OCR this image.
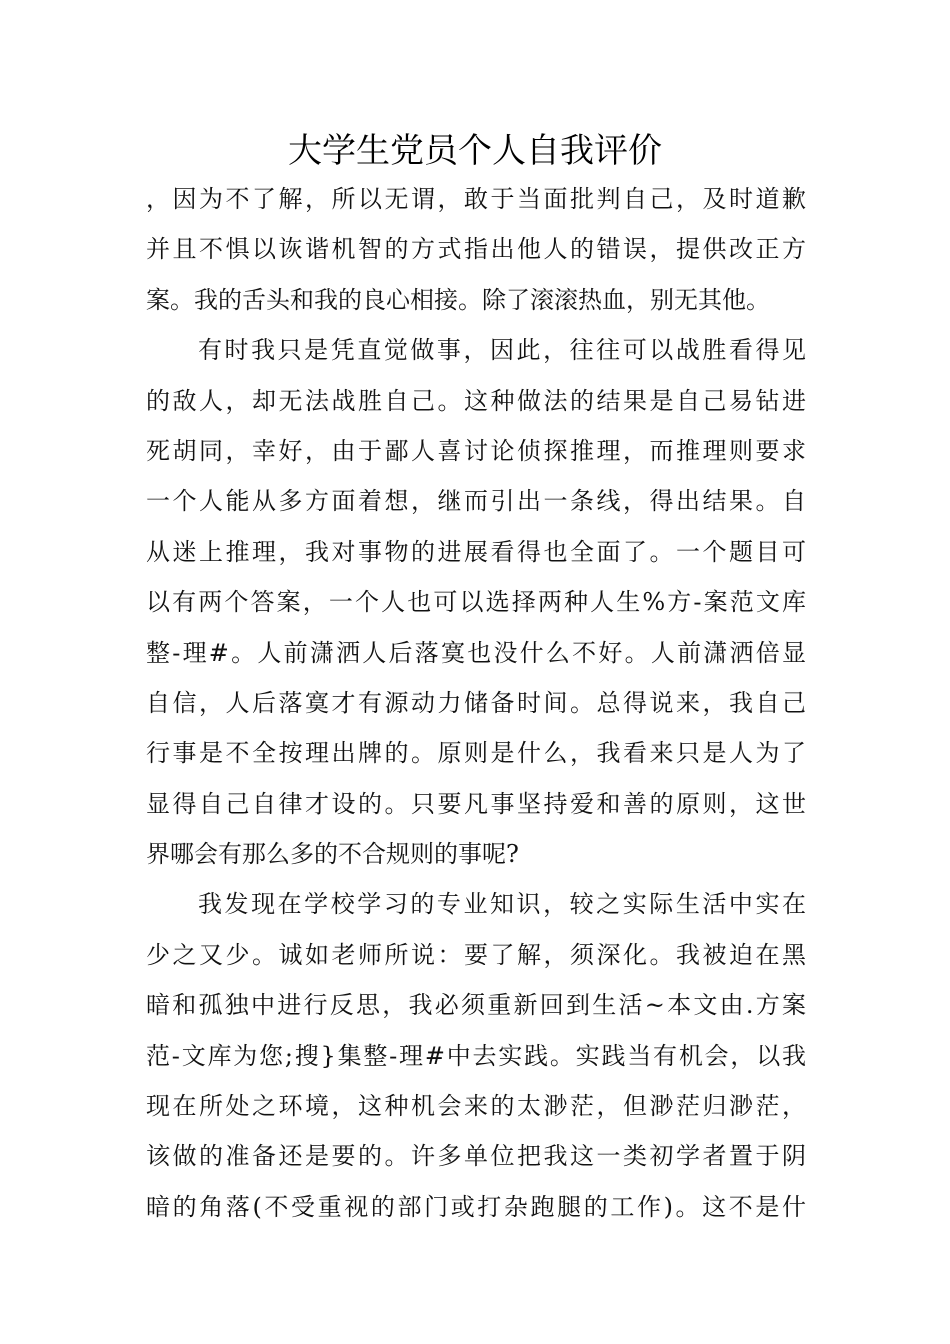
大学生党员个人自我评价
，因为不了解，所以无谓，敢于当面批判自己，及时道歉
并且不惧以诙谐机智的方式指出他人的错误，提供改正方
案。我的舌头和我的良心相接。除了滚滚热血，别无其他。
有时我只是凭直觉做事，因此，往往可以战胜看得见
的敌人，却无法战胜自己。这种做法的结果是自己易钻进
死胡同，幸好，由于鄙人喜讨论侦探推理，而推理则要求
一个人能从多方面着想，继而引出一条线，得出结果。自
从迷上推理，我对事物的进展看得也全面了。一个题目可
以有两个答案，一个人也可以选择两种人生%方-案范文库
整-理#。人前潇洒人后落寞也没什么不好。人前潇洒倍显
自信，人后落寞才有源动力储备时间。总得说来，我自己
行事是不全按理出牌的。原则是什么，我看来只是人为了
显得自己自律才设的。只要凡事坚持爱和善的原则，这世
界哪会有那么多的不合规则的事呢?
我发现在学校学习的专业知识，较之实际生活中实在
少之又少。诚如老师所说：要了解，须深化。我被迫在黑
暗和孤独中进行反思，我必须重新回到生活~本文由.方案
范-文库为您;搜}集整-理#中去实践。实践当有机会，以我
现在所处之环境，这种机会来的太渺茫，但渺茫归渺茫，
该做的准备还是要的。许多单位把我这一类初学者置于阴
暗的角落(不受重视的部门或打杂跑腿的工作)。这不是什
